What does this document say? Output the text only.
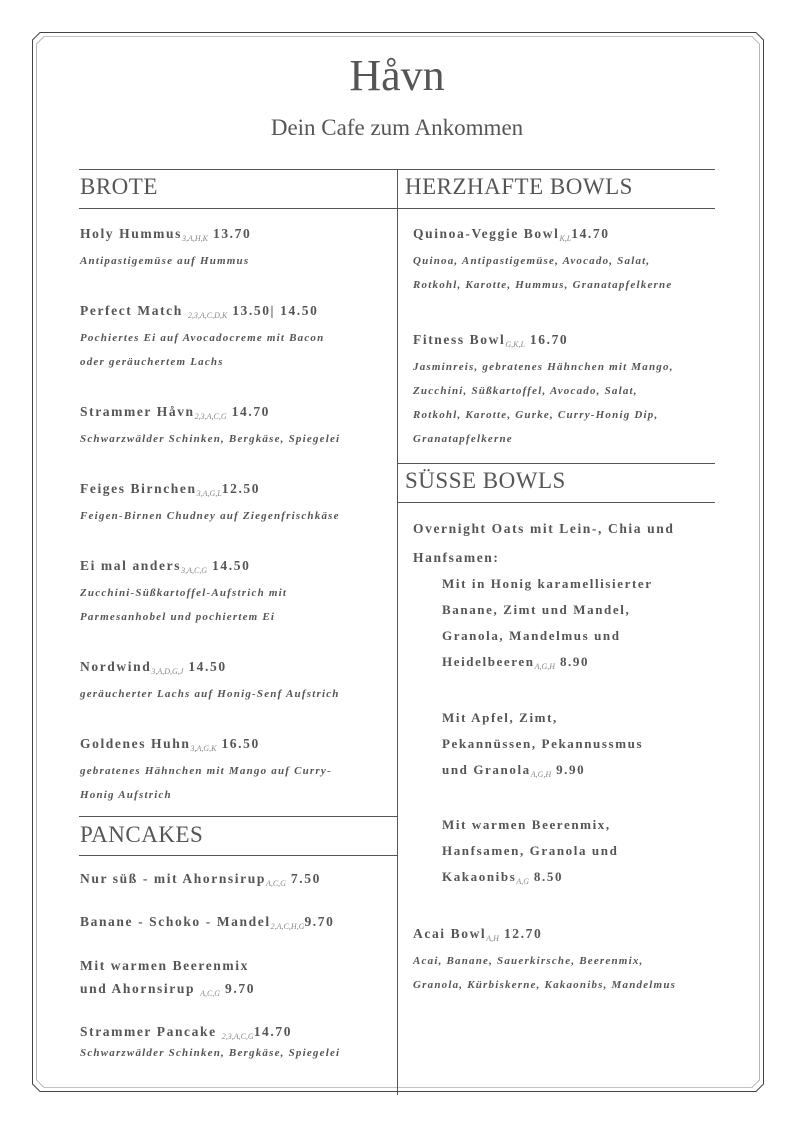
Håvn
Dein Cafe zum Ankommen
BROTE	HERZHAFTE BOWLS
SÜSSE BOWLS
PANCAKES
Holy Hummus$_{3,A,H,K}$ 13.70
Antipastigemüse auf Hummus
Perfect Match $_{2,3,A,C,D,K}$ 13.50| 14.50
Pochiertes Ei auf Avocadocreme mit Bacon
oder geräuchertem Lachs
Strammer Håvn$_{2,3,A,C,G}$ 14.70
Schwarzwälder Schinken, Bergkäse, Spiegelei
Feiges Birnchen$_{3,A,G,L}$12.50
Feigen-Birnen Chudney auf Ziegenfrischkäse
Ei mal anders$_{3,A,C,G}$ 14.50
Zucchini-Süßkartoffel-Aufstrich mit
Parmesanhobel und pochiertem Ei
Nordwind$_{3,A,D,G,J}$ 14.50
geräucherter Lachs auf Honig-Senf Aufstrich
Goldenes Huhn$_{3,A,G,K}$ 16.50
gebratenes Hähnchen mit Mango auf Curry-
Honig Aufstrich
Nur süß - mit Ahornsirup$_{A,C,G}$ 7.50
Banane - Schoko - Mandel$_{2,A,C,H,G}$9.70
Mit warmen Beerenmix
und Ahornsirup $_{A,C,G}$ 9.70
Strammer Pancake $_{2,3,A,C,G}$14.70
Schwarzwälder Schinken, Bergkäse, Spiegelei
Quinoa-Veggie Bowl$_{K,L}$14.70
Quinoa, Antipastigemüse, Avocado, Salat,
Rotkohl, Karotte, Hummus, Granatapfelkerne
Fitness Bowl$_{G,K,L}$ 16.70
Jasminreis, gebratenes Hähnchen mit Mango,
Zucchini, Süßkartoffel, Avocado, Salat,
Rotkohl, Karotte, Gurke, Curry-Honig Dip,
Granatapfelkerne
Overnight Oats mit Lein-, Chia und
Hanfsamen:
Mit in Honig karamellisierter
Banane, Zimt und Mandel,
Granola, Mandelmus und
Heidelbeeren$_{A,G,H}$ 8.90
Mit Apfel, Zimt,
Pekannüssen, Pekannussmus
und Granola$_{A,G,H}$ 9.90
Mit warmen Beerenmix,
Hanfsamen, Granola und
Kakaonibs$_{A,G}$ 8.50
Acai Bowl$_{A,H}$ 12.70
Acai, Banane, Sauerkirsche, Beerenmix,
Granola, Kürbiskerne, Kakaonibs, Mandelmus
